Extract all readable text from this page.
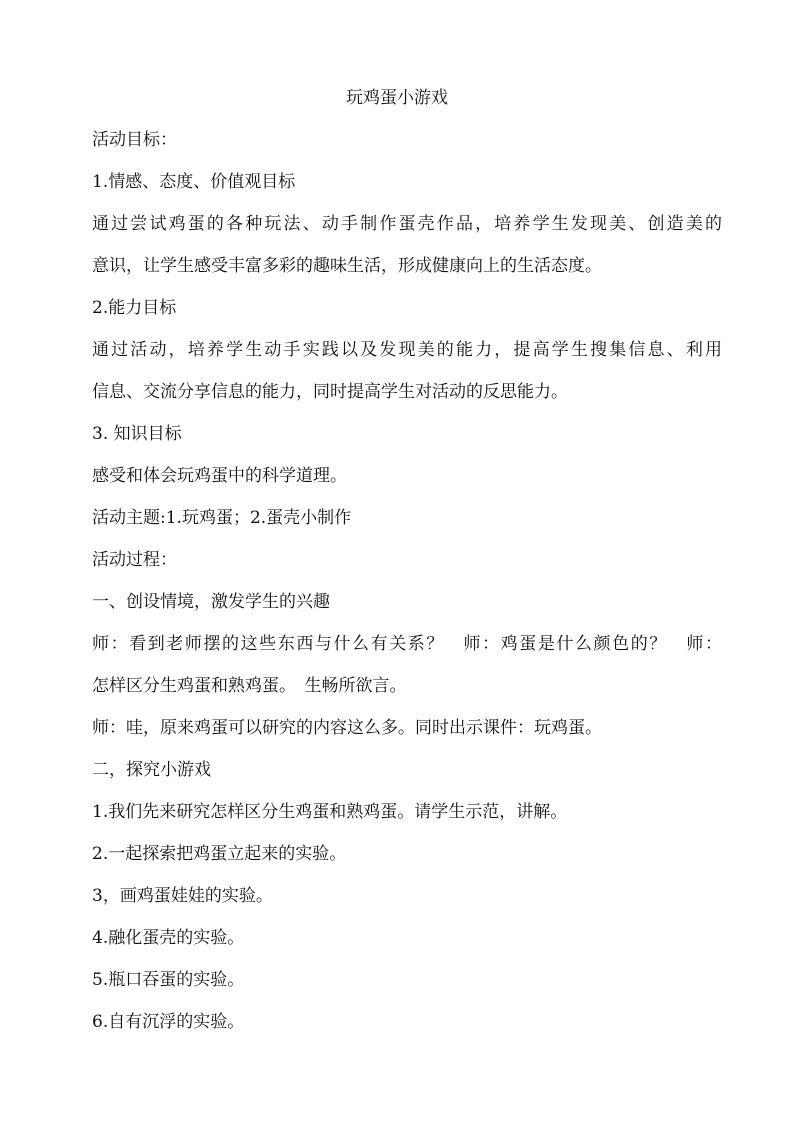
玩鸡蛋小游戏
活动目标：
1.情感、态度、价值观目标
通过尝试鸡蛋的各种玩法、动手制作蛋壳作品，培养学生发现美、创造美的
意识，让学生感受丰富多彩的趣味生活，形成健康向上的生活态度。
2.能力目标
通过活动，培养学生动手实践以及发现美的能力，提高学生搜集信息、利用
信息、交流分享信息的能力，同时提高学生对活动的反思能力。
3. 知识目标
感受和体会玩鸡蛋中的科学道理。
活动主题:1.玩鸡蛋；2.蛋壳小制作
活动过程：
一、创设情境，激发学生的兴趣
师：看到老师摆的这些东西与什么有关系？　师：鸡蛋是什么颜色的？　师：
怎样区分生鸡蛋和熟鸡蛋。　生畅所欲言。
师：哇，原来鸡蛋可以研究的内容这么多。同时出示课件：玩鸡蛋。
二，探究小游戏
1.我们先来研究怎样区分生鸡蛋和熟鸡蛋。请学生示范，讲解。
2.一起探索把鸡蛋立起来的实验。
3，画鸡蛋娃娃的实验。
4.融化蛋壳的实验。
5.瓶口吞蛋的实验。
6.自有沉浮的实验。
